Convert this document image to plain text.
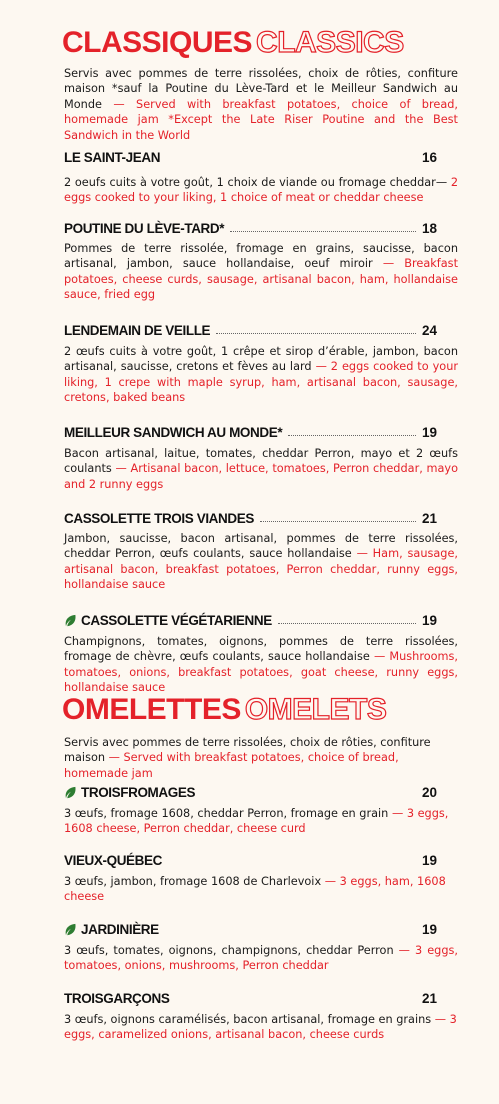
CLASSIQUES CLASSICS

Servis avec pommes de terre rissolées, choix de rôties, confiture maison *sauf la Poutine du Lève-Tard et le Meilleur Sandwich au Monde — Served with breakfast potatoes, choice of bread, homemade jam *Except the Late Riser Poutine and the Best Sandwich in the World

LE SAINT-JEAN	16

2 oeufs cuits à votre goût, 1 choix de viande ou fromage cheddar— 2 eggs cooked to your liking, 1 choice of meat or cheddar cheese

POUTINE DU LÈVE-TARD*	18

Pommes de terre rissolée, fromage en grains, saucisse, bacon artisanal, jambon, sauce hollandaise, oeuf miroir — Breakfast potatoes, cheese curds, sausage, artisanal bacon, ham, hollandaise sauce, fried egg

LENDEMAIN DE VEILLE	24

2 œufs cuits à votre goût, 1 crêpe et sirop d’érable, jambon, bacon artisanal, saucisse, cretons et fèves au lard — 2 eggs cooked to your liking, 1 crepe with maple syrup, ham, artisanal bacon, sausage, cretons, baked beans

MEILLEUR SANDWICH AU MONDE*	19

Bacon artisanal, laitue, tomates, cheddar Perron, mayo et 2 œufs coulants — Artisanal bacon, lettuce, tomatoes, Perron cheddar, mayo and 2 runny eggs

CASSOLETTE TROIS VIANDES	21

Jambon, saucisse, bacon artisanal, pommes de terre rissolées, cheddar Perron, œufs coulants, sauce hollandaise — Ham, sausage, artisanal bacon, breakfast potatoes, Perron cheddar, runny eggs, hollandaise sauce

CASSOLETTE VÉGÉTARIENNE	19

Champignons, tomates, oignons, pommes de terre rissolées, fromage de chèvre, œufs coulants, sauce hollandaise — Mushrooms, tomatoes, onions, breakfast potatoes, goat cheese, runny eggs, hollandaise sauce

OMELETTES OMELETS

Servis avec pommes de terre rissolées, choix de rôties, confiture maison — Served with breakfast potatoes, choice of bread, homemade jam

TROISFROMAGES	20

3 œufs, fromage 1608, cheddar Perron, fromage en grain — 3 eggs, 1608 cheese, Perron cheddar, cheese curd

VIEUX-QUÉBEC	19

3 œufs, jambon, fromage 1608 de Charlevoix — 3 eggs, ham, 1608 cheese

JARDINIÈRE	19

3 œufs, tomates, oignons, champignons, cheddar Perron — 3 eggs, tomatoes, onions, mushrooms, Perron cheddar

TROISGARÇONS	21

3 œufs, oignons caramélisés, bacon artisanal, fromage en grains — 3 eggs, caramelized onions, artisanal bacon, cheese curds
